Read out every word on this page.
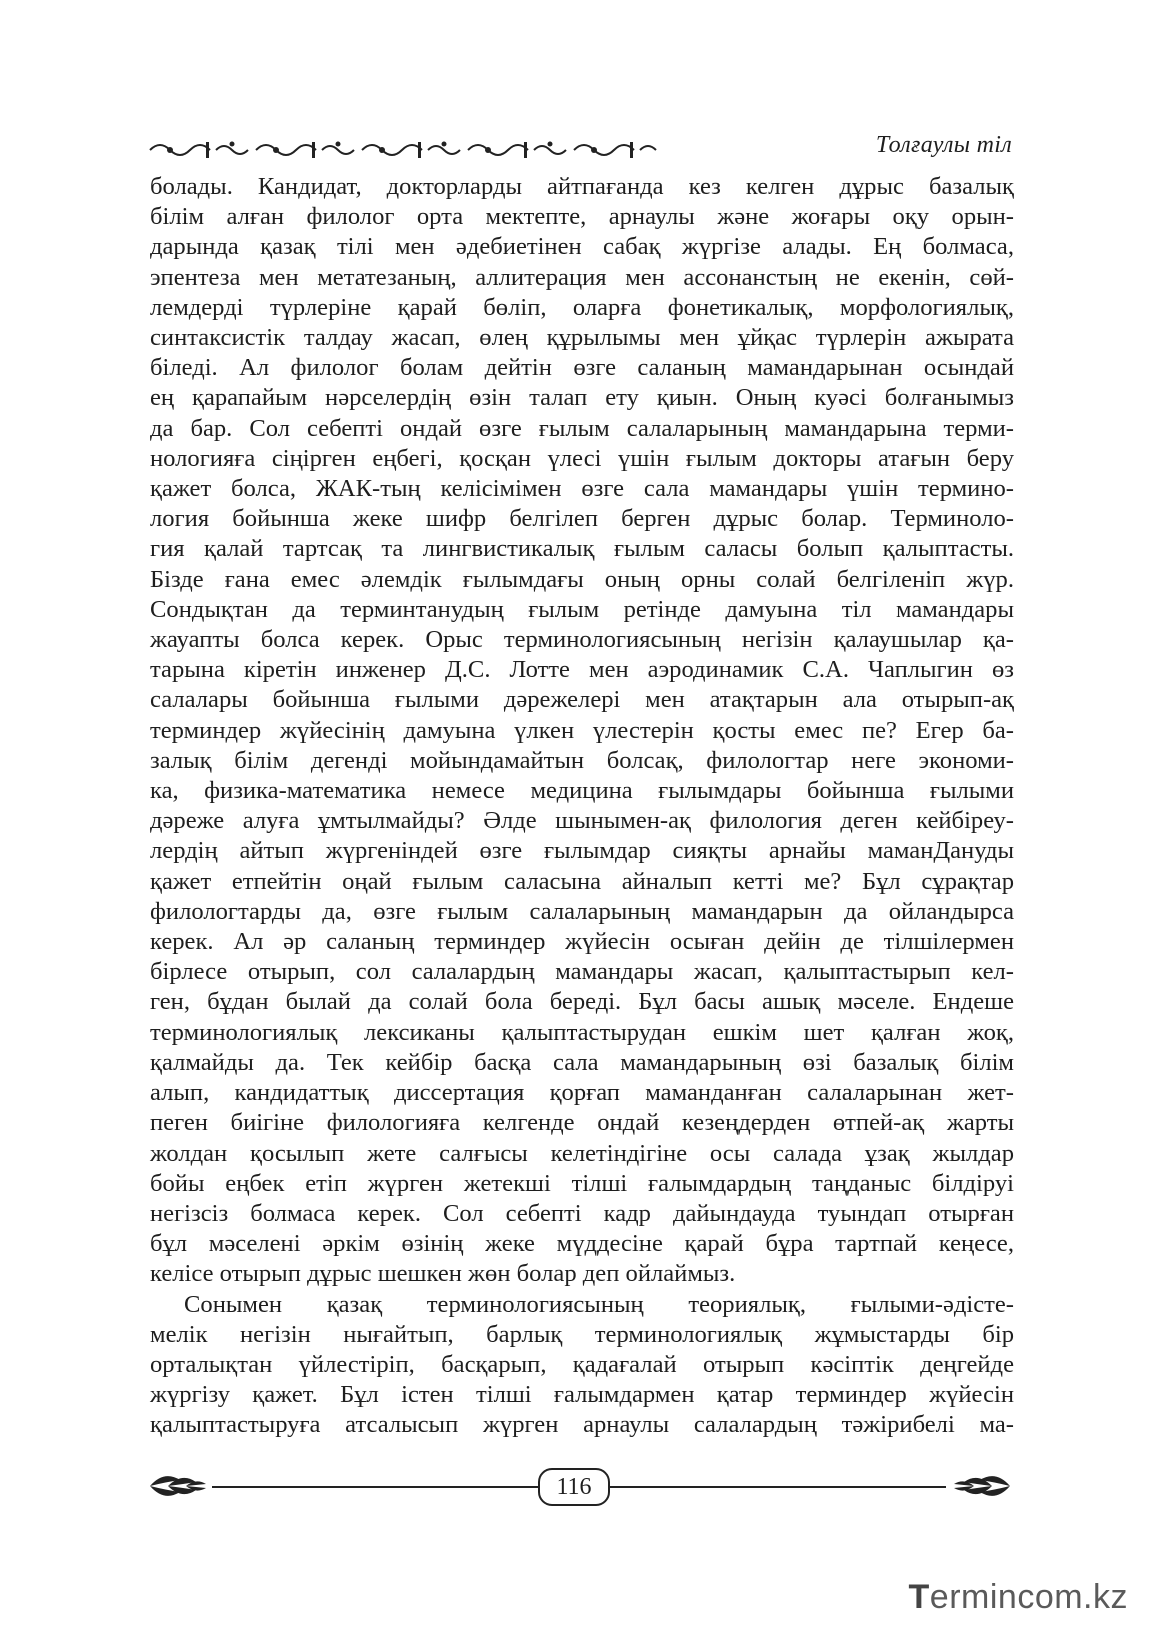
Толғаулы тіл
болады. Кандидат, докторларды айтпағанда кез келген дұрыс базалық
білім алған филолог орта мектепте, арнаулы және жоғары оқу орын-
дарында қазақ тілі мен әдебиетінен сабақ жүргізе алады. Ең болмаса,
эпентеза мен метатезаның, аллитерация мен ассонанстың не екенін, сөй-
лемдерді түрлеріне қарай бөліп, оларға фонетикалық, морфологиялық,
синтаксистік талдау жасап, өлең құрылымы мен ұйқас түрлерін ажырата
біледі. Ал филолог болам дейтін өзге саланың мамандарынан осындай
ең қарапайым нәрселердің өзін талап ету қиын. Оның куәсі болғанымыз
да бар. Сол себепті ондай өзге ғылым салаларының мамандарына терми-
нологияға сіңірген еңбегі, қосқан үлесі үшін ғылым докторы атағын беру
қажет болса, ЖАК-тың келісімімен өзге сала мамандары үшін термино-
логия бойынша жеке шифр белгілеп берген дұрыс болар. Терминоло-
гия қалай тартсақ та лингвистикалық ғылым саласы болып қалыптасты.
Бізде ғана емес әлемдік ғылымдағы оның орны солай белгіленіп жүр.
Сондықтан да терминтанудың ғылым ретінде дамуына тіл мамандары
жауапты болса керек. Орыс терминологиясының негізін қалаушылар қа-
тарына кіретін инженер Д.С. Лотте мен аэродинамик С.А. Чаплыгин өз
салалары бойынша ғылыми дәрежелері мен атақтарын ала отырып-ақ
терминдер жүйесінің дамуына үлкен үлестерін қосты емес пе? Егер ба-
залық білім дегенді мойындамайтын болсақ, филологтар неге экономи-
ка, физика-математика немесе медицина ғылымдары бойынша ғылыми
дәреже алуға ұмтылмайды? Әлде шынымен-ақ филология деген кейбіреу-
лердің айтып жүргеніндей өзге ғылымдар сияқты арнайы маманДануды
қажет етпейтін оңай ғылым саласына айналып кетті ме? Бұл сұрақтар
филологтарды да, өзге ғылым салаларының мамандарын да ойландырса
керек. Ал әр саланың терминдер жүйесін осыған дейін де тілшілермен
бірлесе отырып, сол салалардың мамандары жасап, қалыптастырып кел-
ген, бұдан былай да солай бола береді. Бұл басы ашық мәселе. Ендеше
терминологиялық лексиканы қалыптастырудан ешкім шет қалған жоқ,
қалмайды да. Тек кейбір басқа сала мамандарының өзі базалық білім
алып, кандидаттық диссертация қорғап маманданған салаларынан жет-
пеген биігіне филологияға келгенде ондай кезеңдерден өтпей-ақ жарты
жолдан қосылып жете салғысы келетіндігіне осы салада ұзақ жылдар
бойы еңбек етіп жүрген жетекші тілші ғалымдардың таңданыс білдіруі
негізсіз болмаса керек. Сол себепті кадр дайындауда туындап отырған
бұл мәселені әркім өзінің жеке мүддесіне қарай бұра тартпай кеңесе,
келісе отырып дұрыс шешкен жөн болар деп ойлаймыз.
Сонымен қазақ терминологиясының теориялық, ғылыми-әдісте-
мелік негізін нығайтып, барлық терминологиялық жұмыстарды бір
орталықтан үйлестіріп, басқарып, қадағалай отырып кәсіптік деңгейде
жүргізу қажет. Бұл істен тілші ғалымдармен қатар терминдер жүйесін
қалыптастыруға атсалысып жүрген арнаулы салалардың тәжірибелі ма-
116
Termincom.kz
